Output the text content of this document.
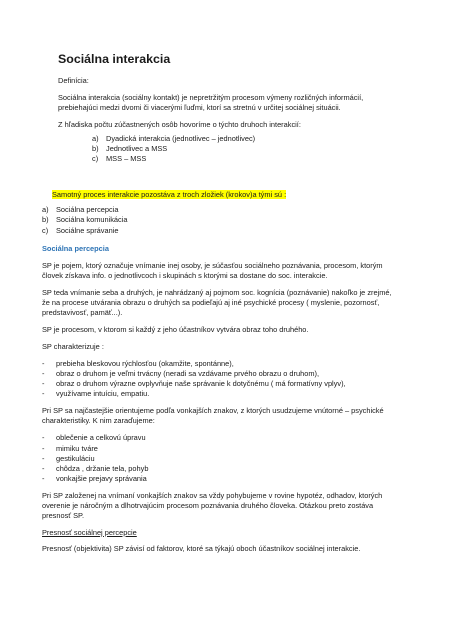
Sociálna interakcia

Definícia:

Sociálna interakcia (sociálny kontakt) je nepretržitým procesom výmeny rozličných informácií,
prebiehajúci medzi dvomi či viacerými ľuďmi, ktorí sa stretnú v určitej sociálnej situácii.

Z hľadiska počtu zúčastnených osôb hovoríme o týchto druhoch interakcií:

a)	Dyadická interakcia (jednotlivec – jednotlivec)
b)	Jednotlivec a MSS
c)	MSS – MSS
Samotný proces interakcie pozostáva z troch zložiek (krokov)a tými sú :
a)	Sociálna percepcia
b)	Sociálna komunikácia
c)	Sociálne správanie
Sociálna percepcia

SP je pojem, ktorý označuje vnímanie inej osoby, je súčasťou sociálneho poznávania, procesom, ktorým
človek získava info. o jednotlivcoch i skupinách s ktorými sa dostane do soc. interakcie.

SP teda vnímanie seba a druhých, je nahrádzaný aj pojmom soc. kognícia (poznávanie) nakoľko je zrejmé,
že na procese utvárania obrazu o druhých sa podieľajú aj iné psychické procesy ( myslenie, pozornosť,
predstavivosť, pamäť...).

SP je procesom, v ktorom si každý z jeho účastníkov vytvára obraz toho druhého.

SP charakterizuje :

-	prebieha bleskovou rýchlosťou (okamžite, spontánne),
-	obraz o druhom je veľmi trvácny (neradi sa vzdávame prvého obrazu o druhom),
-	obraz o druhom výrazne ovplyvňuje naše správanie k dotyčnému ( má formatívny vplyv),
-	využívame intuíciu, empatiu.

Pri SP sa najčastejšie orientujeme podľa vonkajších znakov, z ktorých usudzujeme vnútorné – psychické
charakteristiky. K nim zaraďujeme:

-	oblečenie a celkovú úpravu
-	mimiku tváre
-	gestikuláciu
-	chôdza , držanie tela, pohyb
-	vonkajšie prejavy správania

Pri SP založenej na vnímaní vonkajších znakov sa vždy pohybujeme v rovine hypotéz, odhadov, ktorých
overenie je náročným a dlhotrvajúcim procesom poznávania druhého človeka. Otázkou preto zostáva
presnosť SP.

Presnosť sociálnej percepcie

Presnosť (objektivita) SP závisí od faktorov, ktoré sa týkajú oboch účastníkov sociálnej interakcie.
